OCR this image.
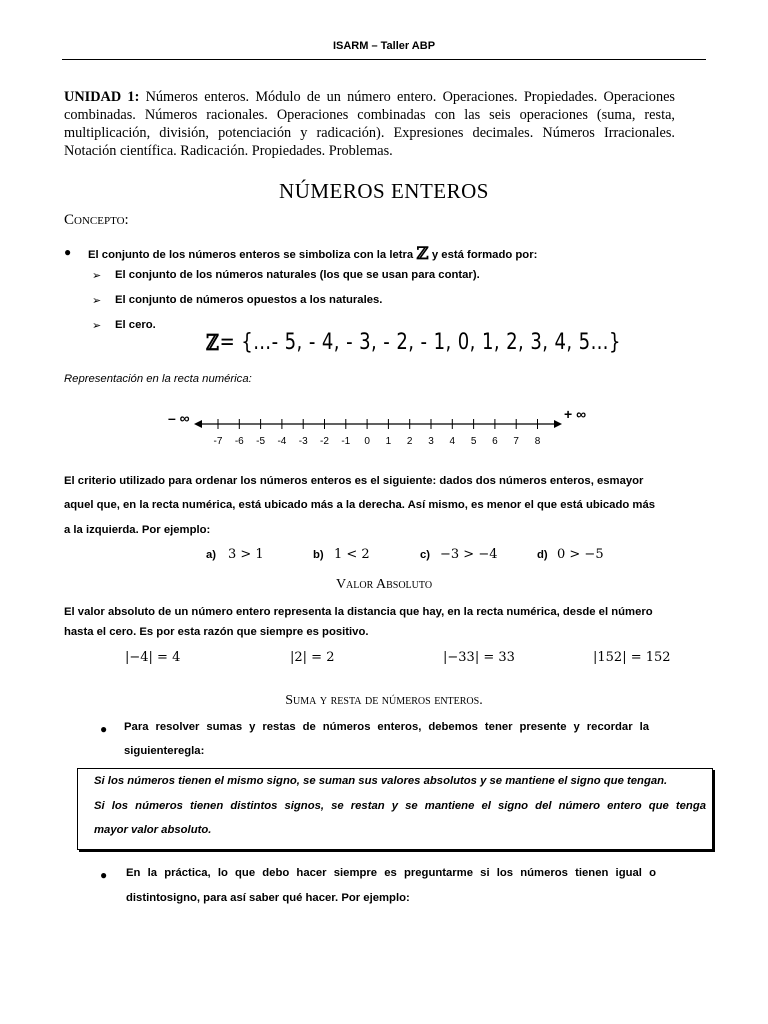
ISARM – Taller ABP
UNIDAD 1: Números enteros. Módulo de un número entero. Operaciones. Propiedades. Operaciones combinadas. Números racionales. Operaciones combinadas con las seis operaciones (suma, resta, multiplicación, división, potenciación y radicación). Expresiones decimales. Números Irracionales. Notación científica. Radicación. Propiedades. Problemas.
NÚMEROS ENTEROS
Concepto:
● El conjunto de los números enteros se simboliza con la letra ℤ y está formado por:
➢ El conjunto de los números naturales (los que se usan para contar).
➢ El conjunto de números opuestos a los naturales.
➢ El cero.
ℤ= {…- 5, - 4, - 3, - 2, - 1, 0, 1, 2, 3, 4, 5…}
Representación en la recta numérica:
– ∞	+ ∞
-7 -6 -5 -4 -3 -2 -1 0 1 2 3 4 5 6 7 8
El criterio utilizado para ordenar los números enteros es el siguiente: dados dos números enteros, esmayor
aquel que, en la recta numérica, está ubicado más a la derecha. Así mismo, es menor el que está ubicado más
a la izquierda. Por ejemplo:
a) 3 > 1	b) 1 < 2	c) −3 > −4	d) 0 > −5
Valor Absoluto
El valor absoluto de un número entero representa la distancia que hay, en la recta numérica, desde el número
hasta el cero. Es por esta razón que siempre es positivo.
|−4| = 4	|2| = 2	|−33| = 33	|152| = 152
Suma y resta de números enteros.
● Para resolver sumas y restas de números enteros, debemos tener presente y recordar la
siguienteregla:
Si los números tienen el mismo signo, se suman sus valores absolutos y se mantiene el signo que tengan.
Si los números tienen distintos signos, se restan y se mantiene el signo del número entero que tenga
mayor valor absoluto.
● En la práctica, lo que debo hacer siempre es preguntarme si los números tienen igual o
distintosigno, para así saber qué hacer. Por ejemplo:
